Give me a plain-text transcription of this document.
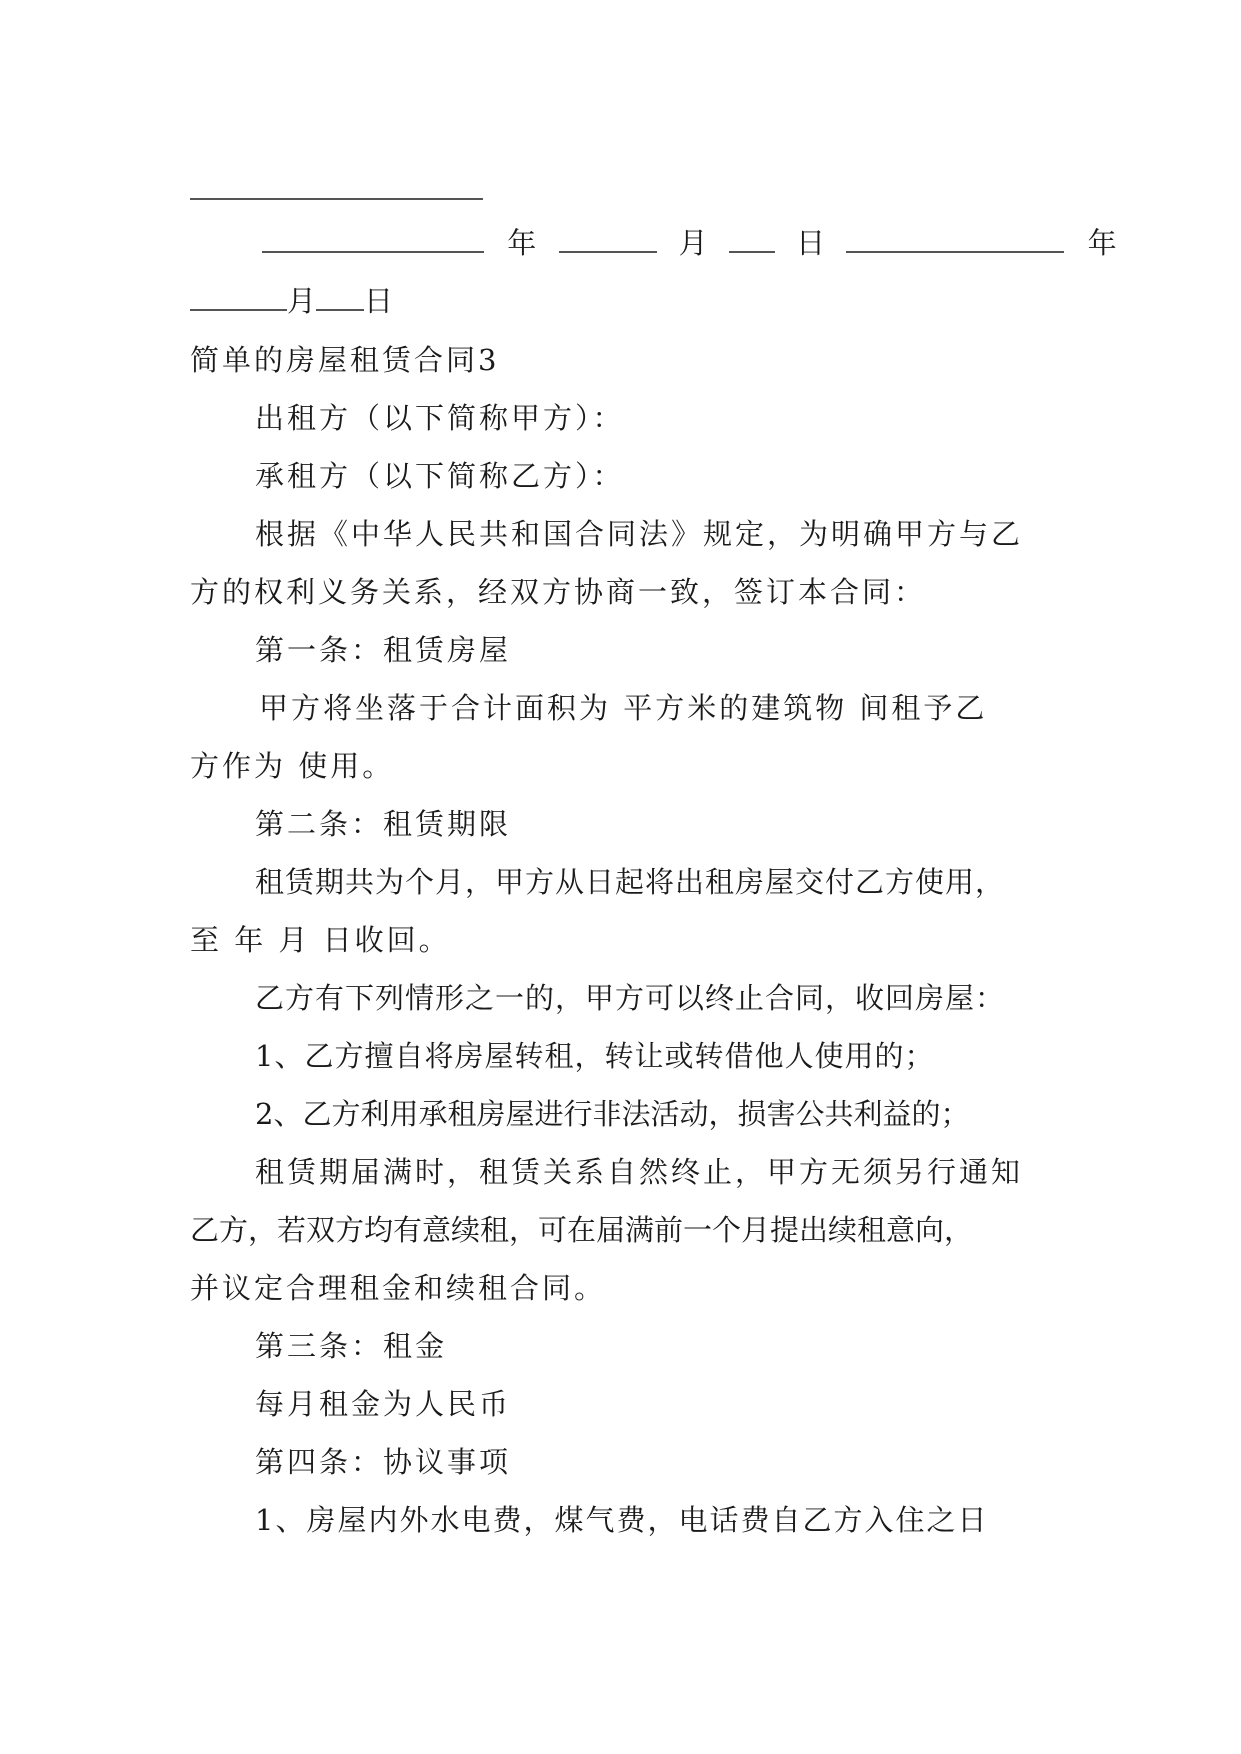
年	月	日	年
月 日
简单的房屋租赁合同3
出租方（以下简称甲方）：
承租方（以下简称乙方）：
根据《中华人民共和国合同法》规定，为明确甲方与乙
方的权利义务关系，经双方协商一致，签订本合同：
第一条：租赁房屋
甲方将坐落于合计面积为 平方米的建筑物 间租予乙
方作为 使用。
第二条：租赁期限
租赁期共为个月，甲方从日起将出租房屋交付乙方使用，
至 年 月 日收回。
乙方有下列情形之一的，甲方可以终止合同，收回房屋：
1、乙方擅自将房屋转租，转让或转借他人使用的；
2、乙方利用承租房屋进行非法活动，损害公共利益的；
租赁期届满时，租赁关系自然终止，甲方无须另行通知
乙方，若双方均有意续租，可在届满前一个月提出续租意向，
并议定合理租金和续租合同。
第三条：租金
每月租金为人民币
第四条：协议事项
1、房屋内外水电费，煤气费，电话费自乙方入住之日
